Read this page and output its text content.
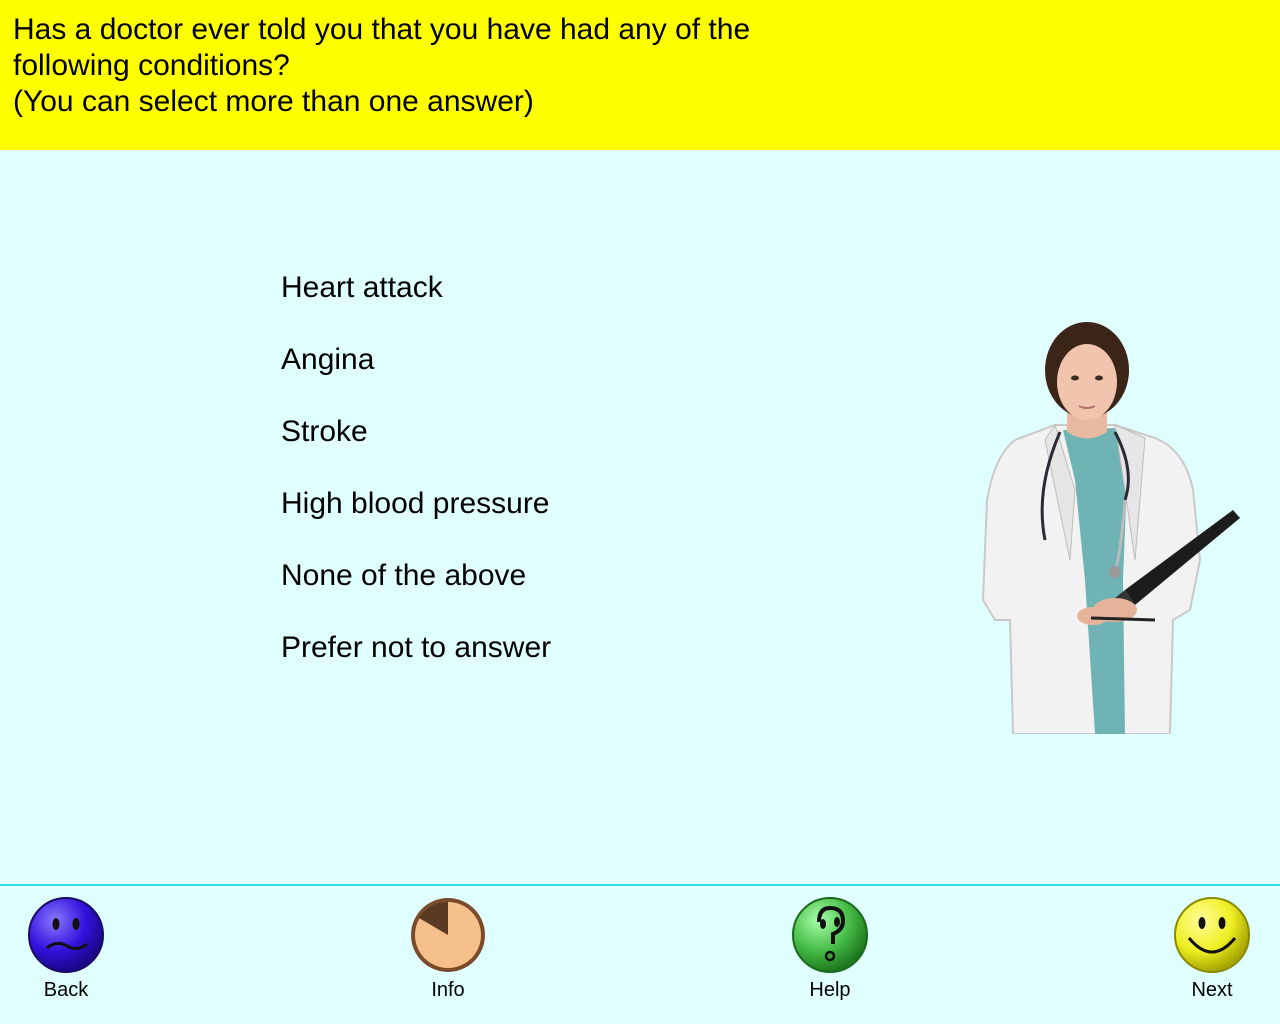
Has a doctor ever told you that you have had any of the
following conditions?
(You can select more than one answer)
Heart attack
Angina
Stroke
High blood pressure
None of the above
Prefer not to answer
Back	Info	Help	Next
